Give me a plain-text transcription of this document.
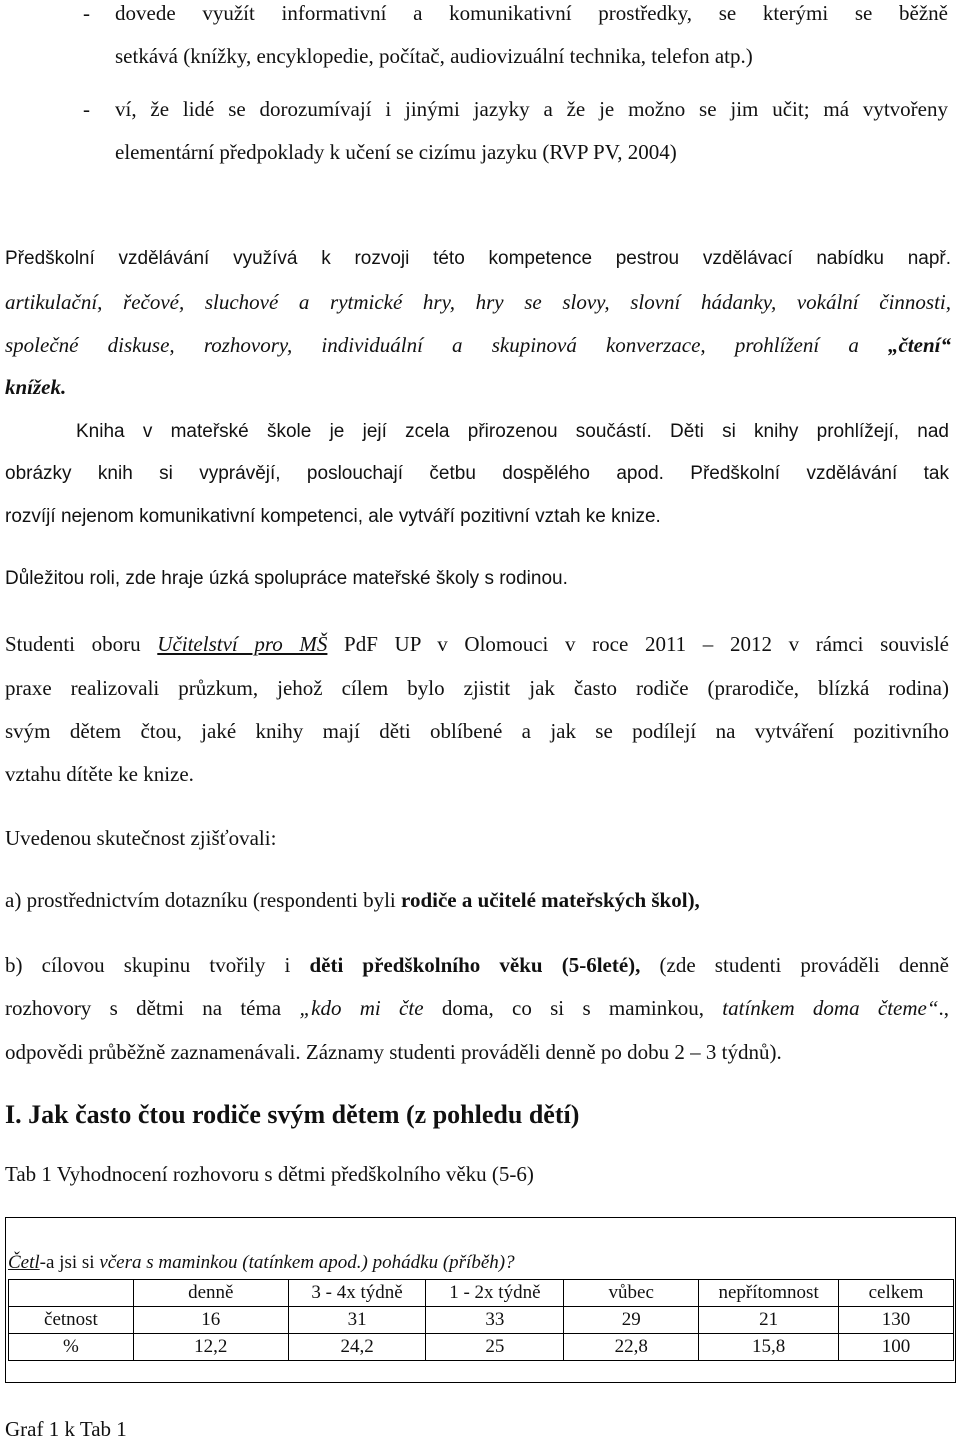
- dovede využít informativní a komunikativní prostředky, se kterými se běžně
setkává (knížky, encyklopedie, počítač, audiovizuální technika, telefon atp.)
- ví, že lidé se dorozumívají i jinými jazyky a že je možno se jim učit; má vytvořeny
elementární předpoklady k učení se cizímu jazyku (RVP PV, 2004)
Předškolní vzdělávání využívá k rozvoji této kompetence pestrou vzdělávací nabídku např.
artikulační, řečové, sluchové a rytmické hry, hry se slovy, slovní hádanky, vokální činnosti,
společné diskuse, rozhovory, individuální a skupinová konverzace, prohlížení a „čtení“
knížek.
Kniha v mateřské škole je její zcela přirozenou součástí. Děti si knihy prohlížejí, nad
obrázky knih si vyprávějí, poslouchají četbu dospělého apod. Předškolní vzdělávání tak
rozvíjí nejenom komunikativní kompetenci, ale vytváří pozitivní vztah ke knize.
Důležitou roli, zde hraje úzká spolupráce mateřské školy s rodinou.
Studenti oboru Učitelství pro MŠ PdF UP v Olomouci v roce 2011 – 2012 v rámci souvislé
praxe realizovali průzkum, jehož cílem bylo zjistit jak často rodiče (prarodiče, blízká rodina)
svým dětem čtou, jaké knihy mají děti oblíbené a jak se podílejí na vytváření pozitivního
vztahu dítěte ke knize.
Uvedenou skutečnost zjišťovali:
a) prostřednictvím dotazníku (respondenti byli rodiče a učitelé mateřských škol),
b) cílovou skupinu tvořily i děti předškolního věku (5-6leté), (zde studenti prováděli denně
rozhovory s dětmi na téma „kdo mi čte doma, co si s maminkou, tatínkem doma čteme“.,
odpovědi průběžně zaznamenávali. Záznamy studenti prováděli denně po dobu 2 – 3 týdnů).
I. Jak často čtou rodiče svým dětem (z pohledu dětí)
Tab 1 Vyhodnocení rozhovoru s dětmi předškolního věku (5-6)
Četl-a jsi si včera s maminkou (tatínkem apod.) pohádku (příběh)?
	denně	3 - 4x týdně	1 - 2x týdně	vůbec	nepřítomnost	celkem
četnost	16	31	33	29	21	130
%	12,2	24,2	25	22,8	15,8	100
Graf 1 k Tab 1
